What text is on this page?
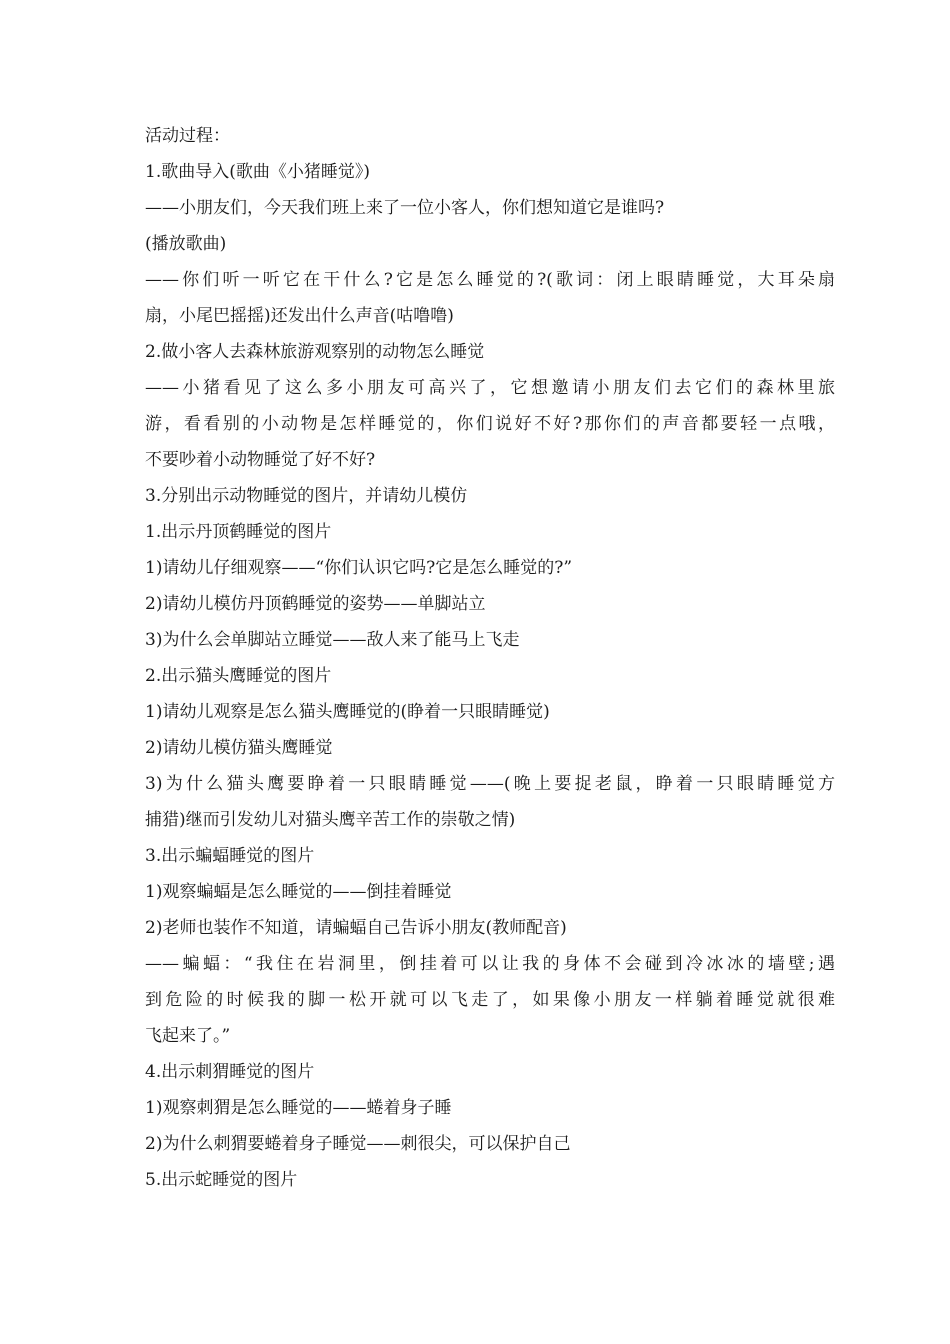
活动过程：
1.歌曲导入(歌曲《小猪睡觉》)
——小朋友们，今天我们班上来了一位小客人，你们想知道它是谁吗?
(播放歌曲)
——你们听一听它在干什么?它是怎么睡觉的?(歌词：闭上眼睛睡觉，大耳朵扇
扇，小尾巴摇摇)还发出什么声音(咕噜噜)
2.做小客人去森林旅游观察别的动物怎么睡觉
——小猪看见了这么多小朋友可高兴了，它想邀请小朋友们去它们的森林里旅
游，看看别的小动物是怎样睡觉的，你们说好不好?那你们的声音都要轻一点哦，
不要吵着小动物睡觉了好不好?
3.分别出示动物睡觉的图片，并请幼儿模仿
1.出示丹顶鹤睡觉的图片
1)请幼儿仔细观察——“你们认识它吗?它是怎么睡觉的?”
2)请幼儿模仿丹顶鹤睡觉的姿势——单脚站立
3)为什么会单脚站立睡觉——敌人来了能马上飞走
2.出示猫头鹰睡觉的图片
1)请幼儿观察是怎么猫头鹰睡觉的(睁着一只眼睛睡觉)
2)请幼儿模仿猫头鹰睡觉
3)为什么猫头鹰要睁着一只眼睛睡觉——(晚上要捉老鼠，睁着一只眼睛睡觉方
捕猎)继而引发幼儿对猫头鹰辛苦工作的崇敬之情)
3.出示蝙蝠睡觉的图片
1)观察蝙蝠是怎么睡觉的——倒挂着睡觉
2)老师也装作不知道，请蝙蝠自己告诉小朋友(教师配音)
——蝙蝠：“我住在岩洞里，倒挂着可以让我的身体不会碰到冷冰冰的墙壁;遇
到危险的时候我的脚一松开就可以飞走了，如果像小朋友一样躺着睡觉就很难
飞起来了。”
4.出示刺猬睡觉的图片
1)观察刺猬是怎么睡觉的——蜷着身子睡
2)为什么刺猬要蜷着身子睡觉——刺很尖，可以保护自己
5.出示蛇睡觉的图片
